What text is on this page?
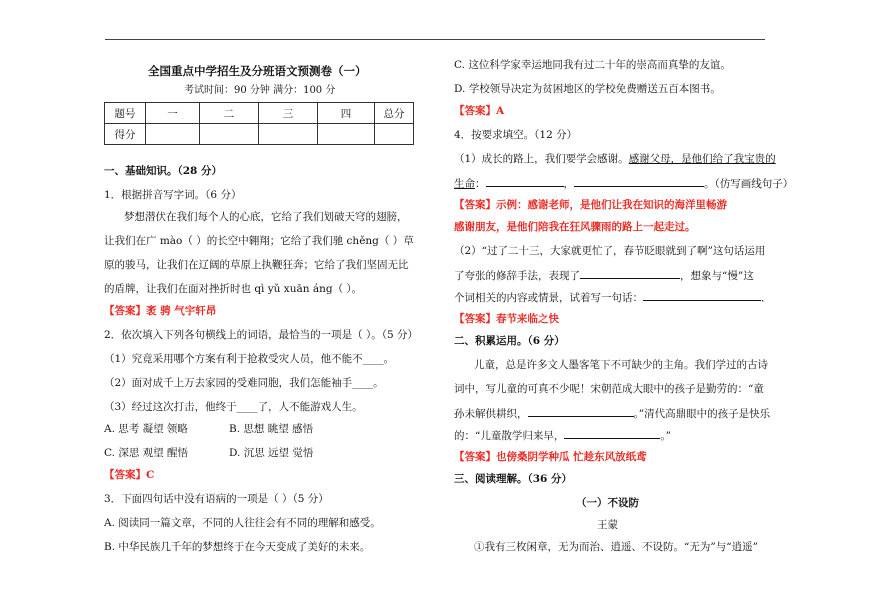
全国重点中学招生及分班语文预测卷（一）
考试时间：90 分钟 满分：100 分
题号	一	二	三	四	总分
得分					
一、基础知识。（28 分）
1．根据拼音写字词。（6 分）
梦想潜伏在我们每个人的心底，它给了我们划破天穹的翅膀，
让我们在广 mào（ ）的长空中翱翔；它给了我们驰 chěng（ ）草
原的骏马，让我们在辽阔的草原上执鞭狂奔；它给了我们坚固无比
的盾牌，让我们在面对挫折时也 qì yǔ xuān áng（ ）。
【答案】袤 骋 气宇轩昂
2．依次填入下列各句横线上的词语，最恰当的一项是（ ）。（5 分）
（1）究竟采用哪个方案有利于抢救受灾人员，他不能不____。
（2）面对成千上万去家园的受难同胞，我们怎能袖手____。
（3）经过这次打击，他终于____了，人不能游戏人生。
A. 思考 凝望 领略	B. 思想 眺望 感悟
C. 深思 观望 醒悟	D. 沉思 远望 觉悟
【答案】C
3．下面四句话中没有语病的一项是（ ）（5 分）
A. 阅读同一篇文章，不同的人往往会有不同的理解和感受。
B. 中华民族几千年的梦想终于在今天变成了美好的未来。
C. 这位科学家幸运地同我有过二十年的崇高而真挚的友谊。
D. 学校领导决定为贫困地区的学校免费赠送五百本图书。
【答案】A
4．按要求填空。（12 分）
（1）成长的路上，我们要学会感谢。感谢父母，是他们给了我宝贵的
生命：	，	。（仿写画线句子）
【答案】示例：感谢老师，是他们让我在知识的海洋里畅游
感谢朋友，是他们陪我在狂风骤雨的路上一起走过。
（2）“过了二十三，大家就更忙了，春节眨眼就到了啊”这句话运用
了夸张的修辞手法，表现了	，想象与“慢”这
个词相关的内容或情景，试着写一句话：	．
【答案】春节来临之快
二、积累运用。（6 分）
儿童，总是许多文人墨客笔下不可缺少的主角。我们学过的古诗
词中，写儿童的可真不少呢！宋朝范成大眼中的孩子是勤劳的：“童
孙未解供耕织，	。”清代高鼎眼中的孩子是快乐
的：“儿童散学归来早，	。”
【答案】也傍桑阴学种瓜 忙趁东风放纸鸢
三、阅读理解。（36 分）
（一）不设防
王蒙
①我有三枚闲章，无为而治、逍遥、不设防。“无为”与“逍遥”
